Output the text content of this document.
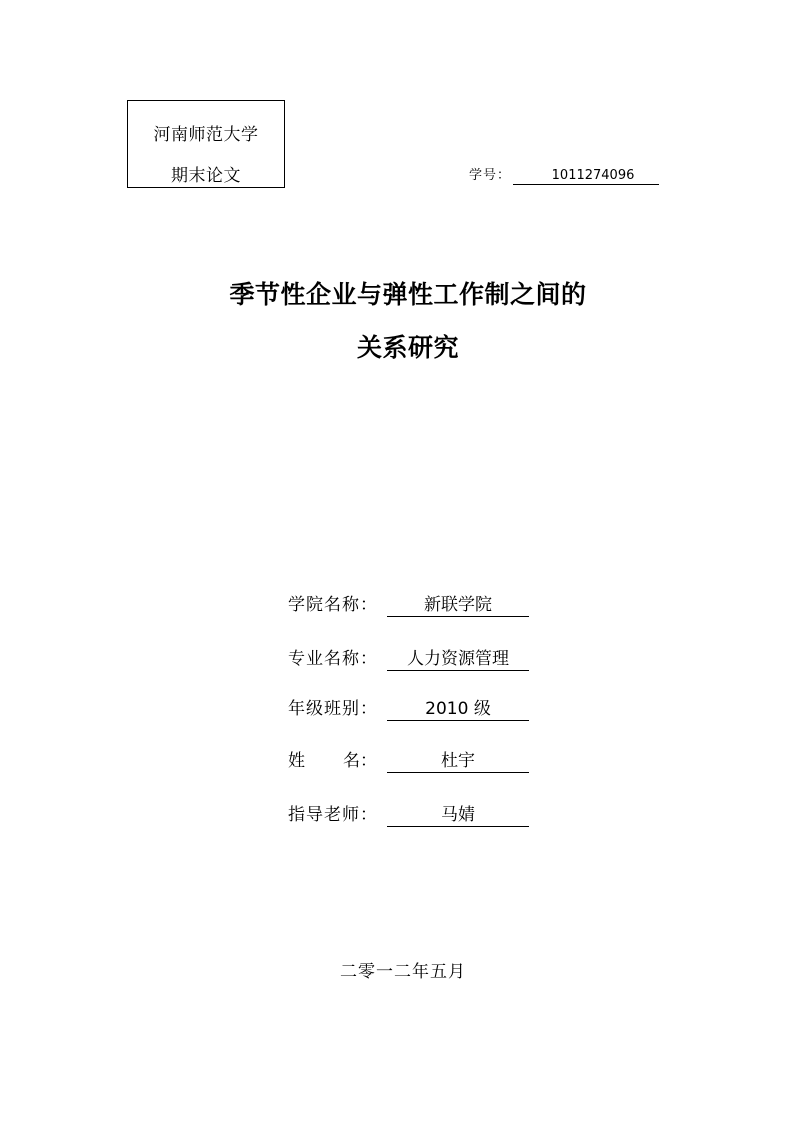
河南师范大学
期末论文	学号：	1011274096
季节性企业与弹性工作制之间的
关系研究
学院名称：	新联学院
专业名称：	人力资源管理
年级班别：	2010 级
姓 名：	杜宇
指导老师：	马婧
二零一二年五月
